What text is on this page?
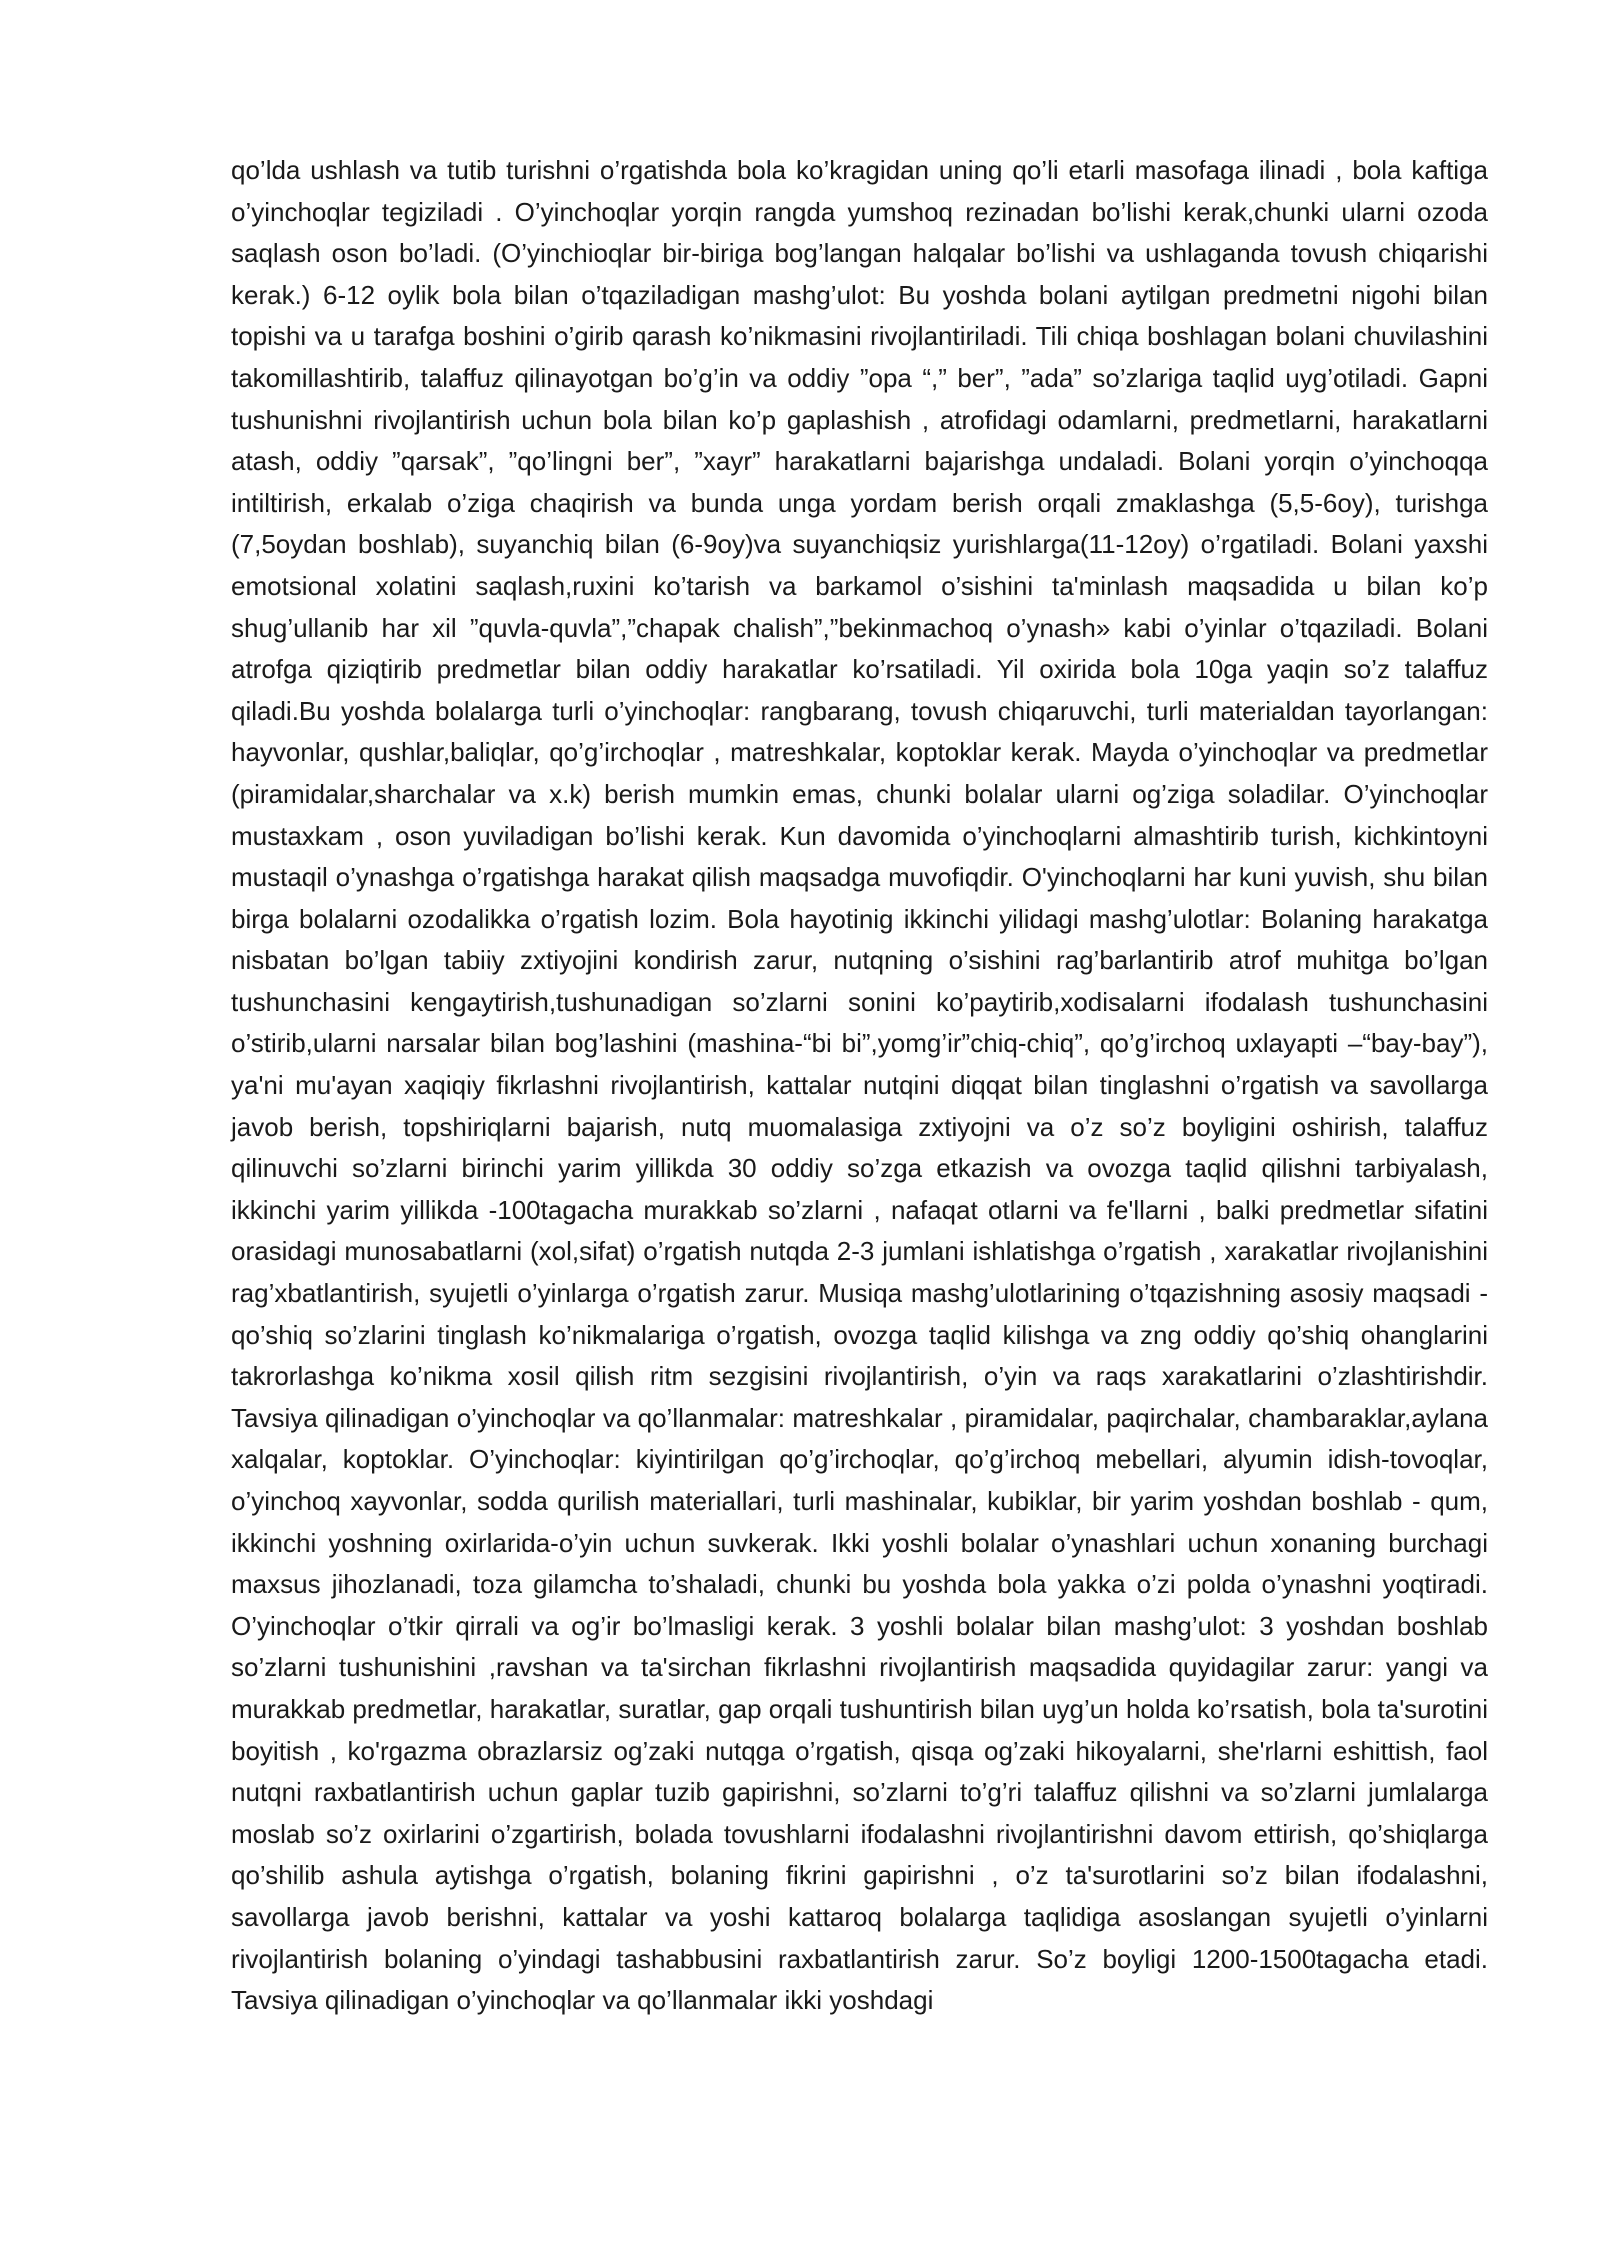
qo’lda ushlash va tutib turishni o’rgatishda bola ko’kragidan uning qo’li etarli masofaga ilinadi , bola kaftiga o’yinchoqlar tegiziladi . O’yinchoqlar yorqin rangda yumshoq rezinadan bo’lishi kerak,chunki ularni ozoda saqlash oson bo’ladi. (O’yinchioqlar bir-biriga bog’langan halqalar bo’lishi va ushlaganda tovush chiqarishi kerak.) 6-12 oylik bola bilan o’tqaziladigan mashg’ulot: Bu yoshda bolani aytilgan predmetni nigohi bilan topishi va u tarafga boshini o’girib qarash ko’nikmasini rivojlantiriladi. Tili chiqa boshlagan bolani chuvilashini takomillashtirib, talaffuz qilinayotgan bo’g’in va oddiy ”opa “,” ber”, ”ada” so’zlariga taqlid uyg’otiladi. Gapni tushunishni rivojlantirish uchun bola bilan ko’p gaplashish , atrofidagi odamlarni, predmetlarni, harakatlarni atash, oddiy ”qarsak”, ”qo’lingni ber”, ”xayr” harakatlarni bajarishga undaladi. Bolani yorqin o’yinchoqqa intiltirish, erkalab o’ziga chaqirish va bunda unga yordam berish orqali zmaklashga (5,5-6oy), turishga (7,5oydan boshlab), suyanchiq bilan (6-9oy)va suyanchiqsiz yurishlarga(11-12oy) o’rgatiladi. Bolani yaxshi emotsional xolatini saqlash,ruxini ko’tarish va barkamol o’sishini ta'minlash maqsadida u bilan ko’p shug’ullanib har xil ”quvla-quvla”,”chapak chalish”,”bekinmachoq o’ynash» kabi o’yinlar o’tqaziladi. Bolani atrofga qiziqtirib predmetlar bilan oddiy harakatlar ko’rsatiladi. Yil oxirida bola 10ga yaqin so’z talaffuz qiladi.Bu yoshda bolalarga turli o’yinchoqlar: rangbarang, tovush chiqaruvchi, turli materialdan tayorlangan: hayvonlar, qushlar,baliqlar, qo’g’irchoqlar , matreshkalar, koptoklar kerak. Mayda o’yinchoqlar va predmetlar (piramidalar,sharchalar va x.k) berish mumkin emas, chunki bolalar ularni og’ziga soladilar. O’yinchoqlar mustaxkam , oson yuviladigan bo’lishi kerak. Kun davomida o’yinchoqlarni almashtirib turish, kichkintoyni mustaqil o’ynashga o’rgatishga harakat qilish maqsadga muvofiqdir. O'yinchoqlarni har kuni yuvish, shu bilan birga bolalarni ozodalikka o’rgatish lozim. Bola hayotinig ikkinchi yilidagi mashg’ulotlar: Bolaning harakatga nisbatan bo’lgan tabiiy zxtiyojini kondirish zarur, nutqning o’sishini rag’barlantirib atrof muhitga bo’lgan tushunchasini kengaytirish,tushunadigan so’zlarni sonini ko’paytirib,xodisalarni ifodalash tushunchasini o’stirib,ularni narsalar bilan bog’lashini (mashina-“bi bi”,yomg’ir”chiq-chiq”, qo’g’irchoq uxlayapti –“bay-bay”), ya'ni mu'ayan xaqiqiy fikrlashni rivojlantirish, kattalar nutqini diqqat bilan tinglashni o’rgatish va savollarga javob berish, topshiriqlarni bajarish, nutq muomalasiga zxtiyojni va o’z so’z boyligini oshirish, talaffuz qilinuvchi so’zlarni birinchi yarim yillikda 30 oddiy so’zga etkazish va ovozga taqlid qilishni tarbiyalash, ikkinchi yarim yillikda -100tagacha murakkab so’zlarni , nafaqat otlarni va fe'llarni , balki predmetlar sifatini orasidagi munosabatlarni (xol,sifat) o’rgatish nutqda 2-3 jumlani ishlatishga o’rgatish , xarakatlar rivojlanishini rag’xbatlantirish, syujetli o’yinlarga o’rgatish zarur. Musiqa mashg’ulotlarining o’tqazishning asosiy maqsadi - qo’shiq so’zlarini tinglash ko’nikmalariga o’rgatish, ovozga taqlid kilishga va zng oddiy qo’shiq ohanglarini takrorlashga ko’nikma xosil qilish ritm sezgisini rivojlantirish, o’yin va raqs xarakatlarini o’zlashtirishdir. Tavsiya qilinadigan o’yinchoqlar va qo’llanmalar: matreshkalar , piramidalar, paqirchalar, chambaraklar,aylana xalqalar, koptoklar. O’yinchoqlar: kiyintirilgan qo’g’irchoqlar, qo’g’irchoq mebellari, alyumin idish-tovoqlar, o’yinchoq xayvonlar, sodda qurilish materiallari, turli mashinalar, kubiklar, bir yarim yoshdan boshlab - qum, ikkinchi yoshning oxirlarida-o’yin uchun suvkerak. Ikki yoshli bolalar o’ynashlari uchun xonaning burchagi maxsus jihozlanadi, toza gilamcha to’shaladi, chunki bu yoshda bola yakka o’zi polda o’ynashni yoqtiradi. O’yinchoqlar o’tkir qirrali va og’ir bo’lmasligi kerak. 3 yoshli bolalar bilan mashg’ulot: 3 yoshdan boshlab so’zlarni tushunishini ,ravshan va ta'sirchan fikrlashni rivojlantirish maqsadida quyidagilar zarur: yangi va murakkab predmetlar, harakatlar, suratlar, gap orqali tushuntirish bilan uyg’un holda ko’rsatish, bola ta'surotini boyitish , ko'rgazma obrazlarsiz og’zaki nutqga o’rgatish, qisqa og’zaki hikoyalarni, she'rlarni eshittish, faol nutqni raxbatlantirish uchun gaplar tuzib gapirishni, so’zlarni to’g’ri talaffuz qilishni va so’zlarni jumlalarga moslab so’z oxirlarini o’zgartirish, bolada tovushlarni ifodalashni rivojlantirishni davom ettirish, qo’shiqlarga qo’shilib ashula aytishga o’rgatish, bolaning fikrini gapirishni , o’z ta'surotlarini so’z bilan ifodalashni, savollarga javob berishni, kattalar va yoshi kattaroq bolalarga taqlidiga asoslangan syujetli o’yinlarni rivojlantirish bolaning o’yindagi tashabbusini raxbatlantirish zarur. So’z boyligi 1200-1500tagacha etadi. Tavsiya qilinadigan o’yinchoqlar va qo’llanmalar ikki yoshdagi
